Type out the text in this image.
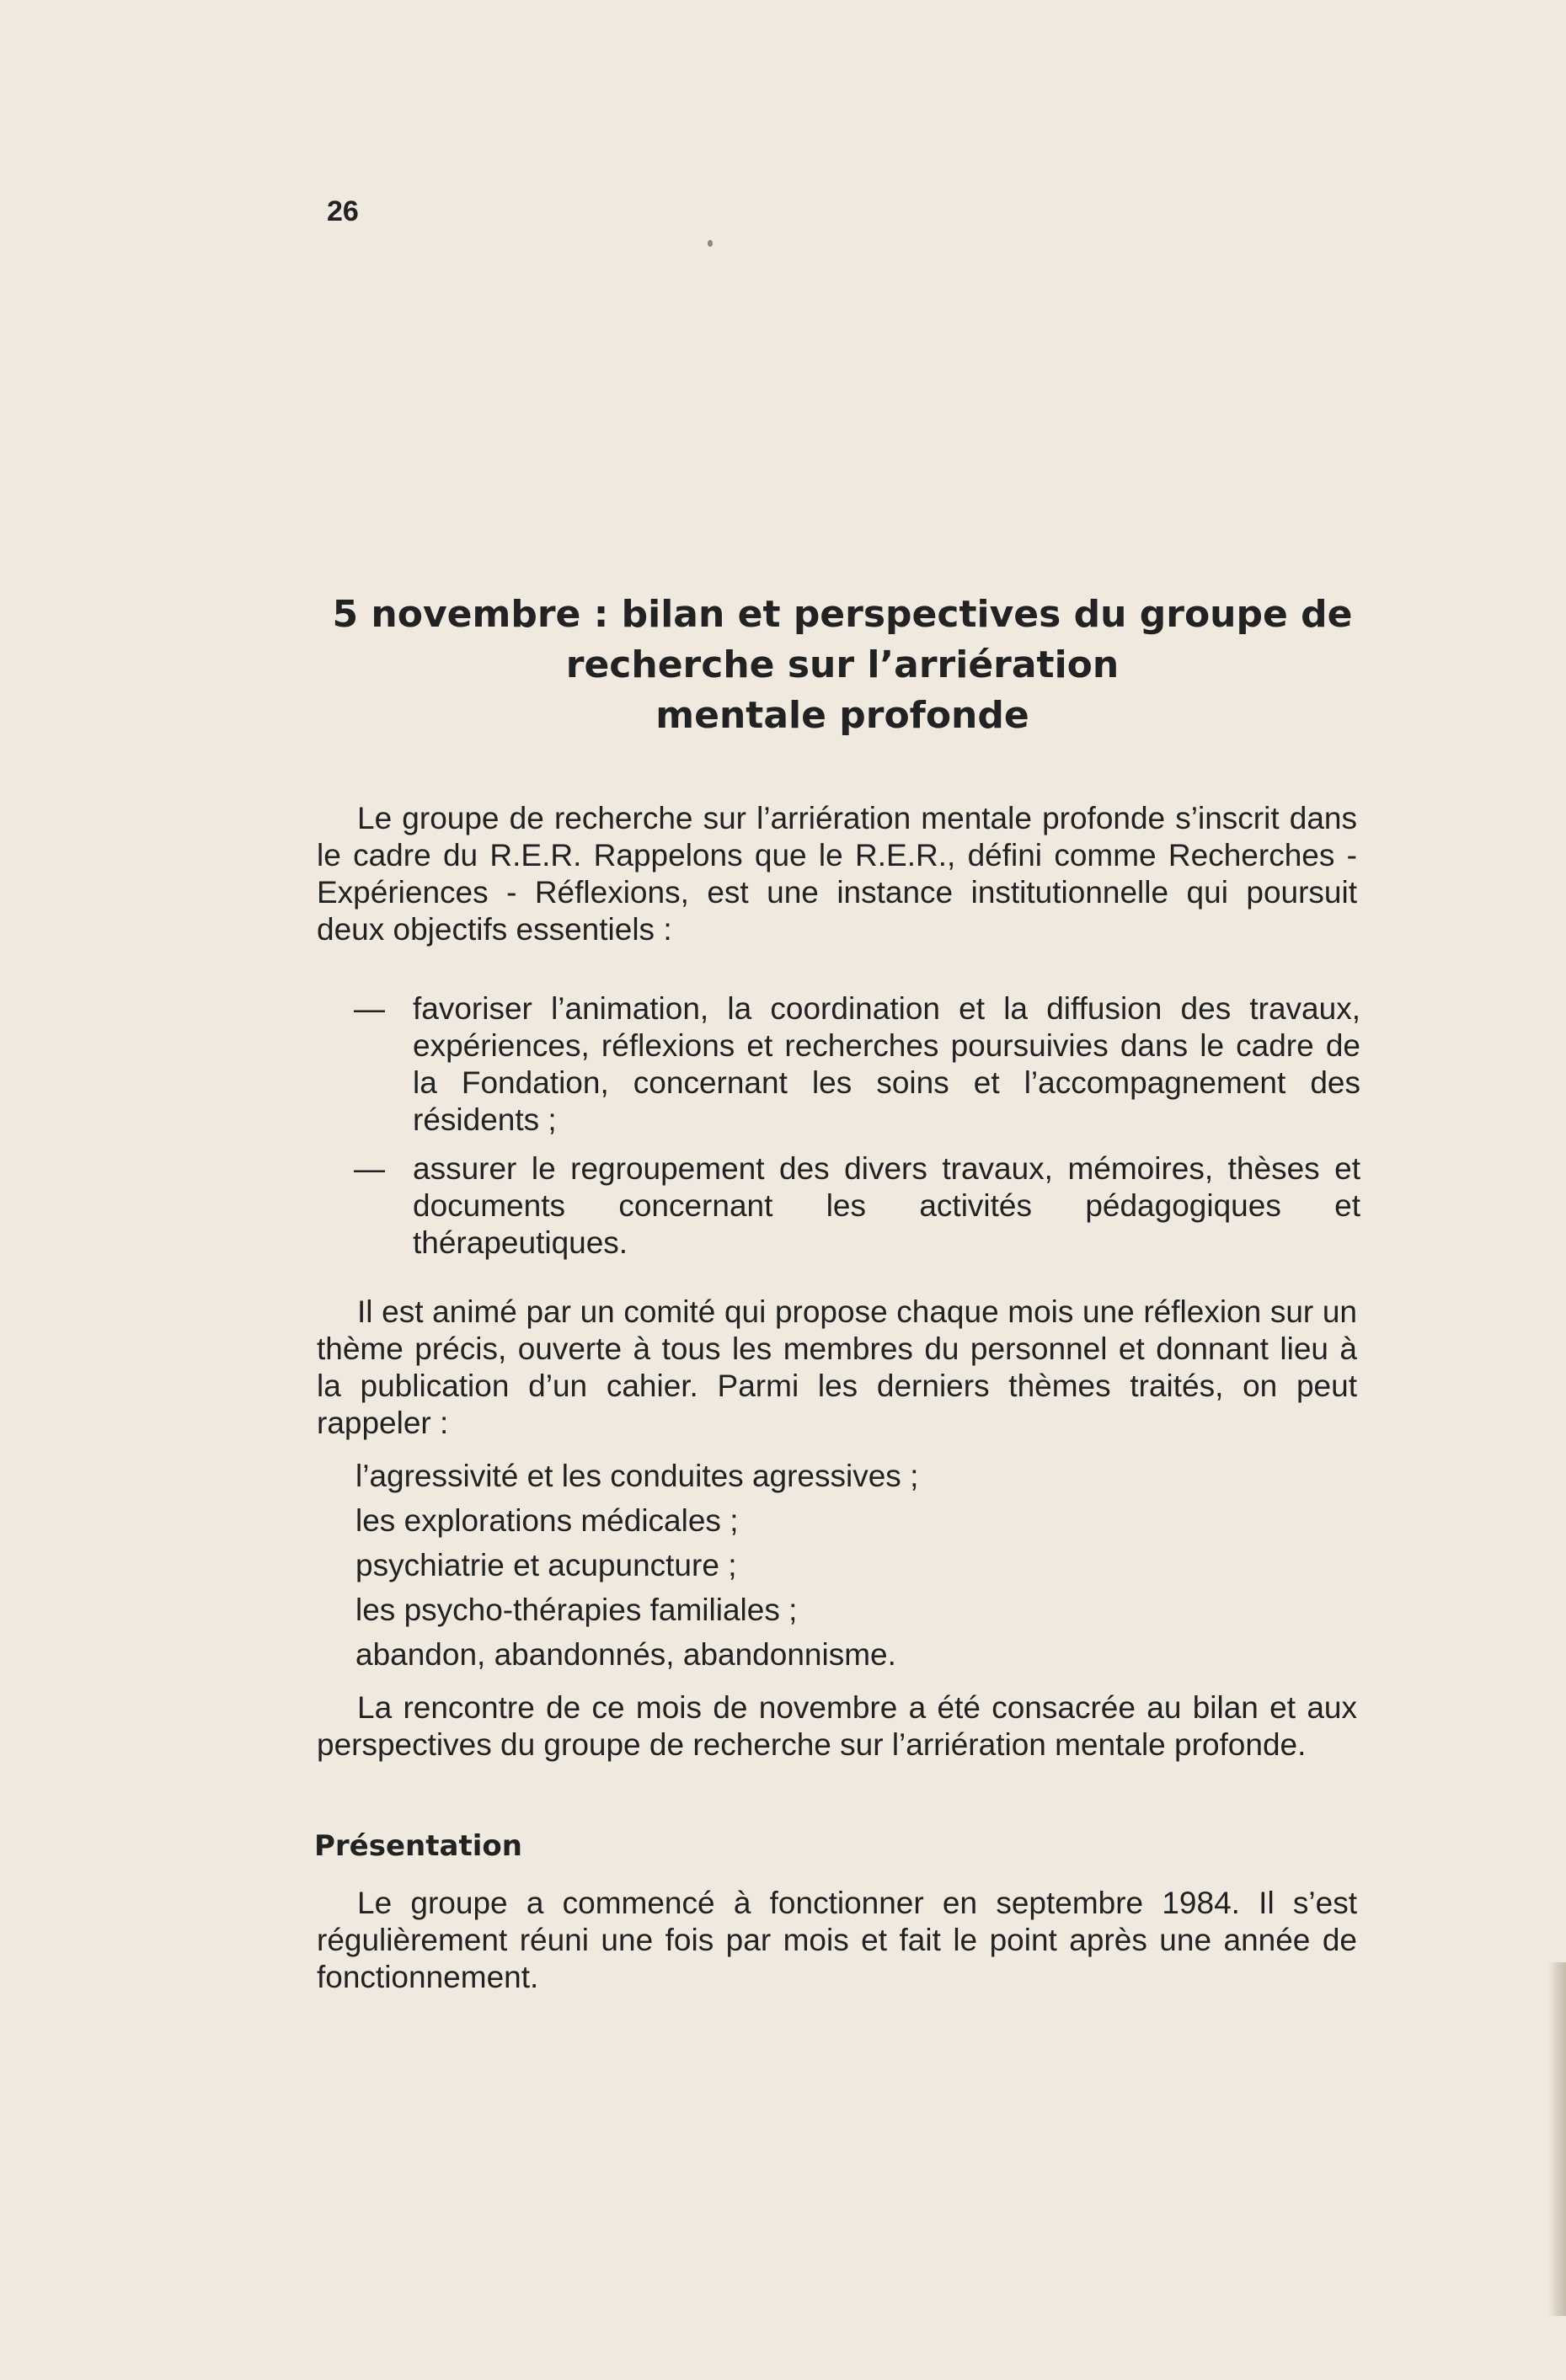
26
5 novembre : bilan et perspectives du groupe de
recherche sur l’arriération
mentale profonde

Le groupe de recherche sur l’arriération mentale profonde s’inscrit dans le cadre du R.E.R. Rappelons que le R.E.R., défini comme Recherches - Expériences - Réflexions, est une instance institutionnelle qui poursuit deux objectifs essentiels :

— favoriser l’animation, la coordination et la diffusion des travaux, expériences, réflexions et recherches poursuivies dans le cadre de la Fondation, concernant les soins et l’accompagnement des résidents ;
— assurer le regroupement des divers travaux, mémoires, thèses et documents concernant les activités pédagogiques et thérapeutiques.

Il est animé par un comité qui propose chaque mois une réflexion sur un thème précis, ouverte à tous les membres du personnel et donnant lieu à la publication d’un cahier. Parmi les derniers thèmes traités, on peut rappeler :

l’agressivité et les conduites agressives ;
les explorations médicales ;
psychiatrie et acupuncture ;
les psycho-thérapies familiales ;
abandon, abandonnés, abandonnisme.

La rencontre de ce mois de novembre a été consacrée au bilan et aux perspectives du groupe de recherche sur l’arriération mentale profonde.

Présentation

Le groupe a commencé à fonctionner en septembre 1984. Il s’est régulièrement réuni une fois par mois et fait le point après une année de fonctionnement.
